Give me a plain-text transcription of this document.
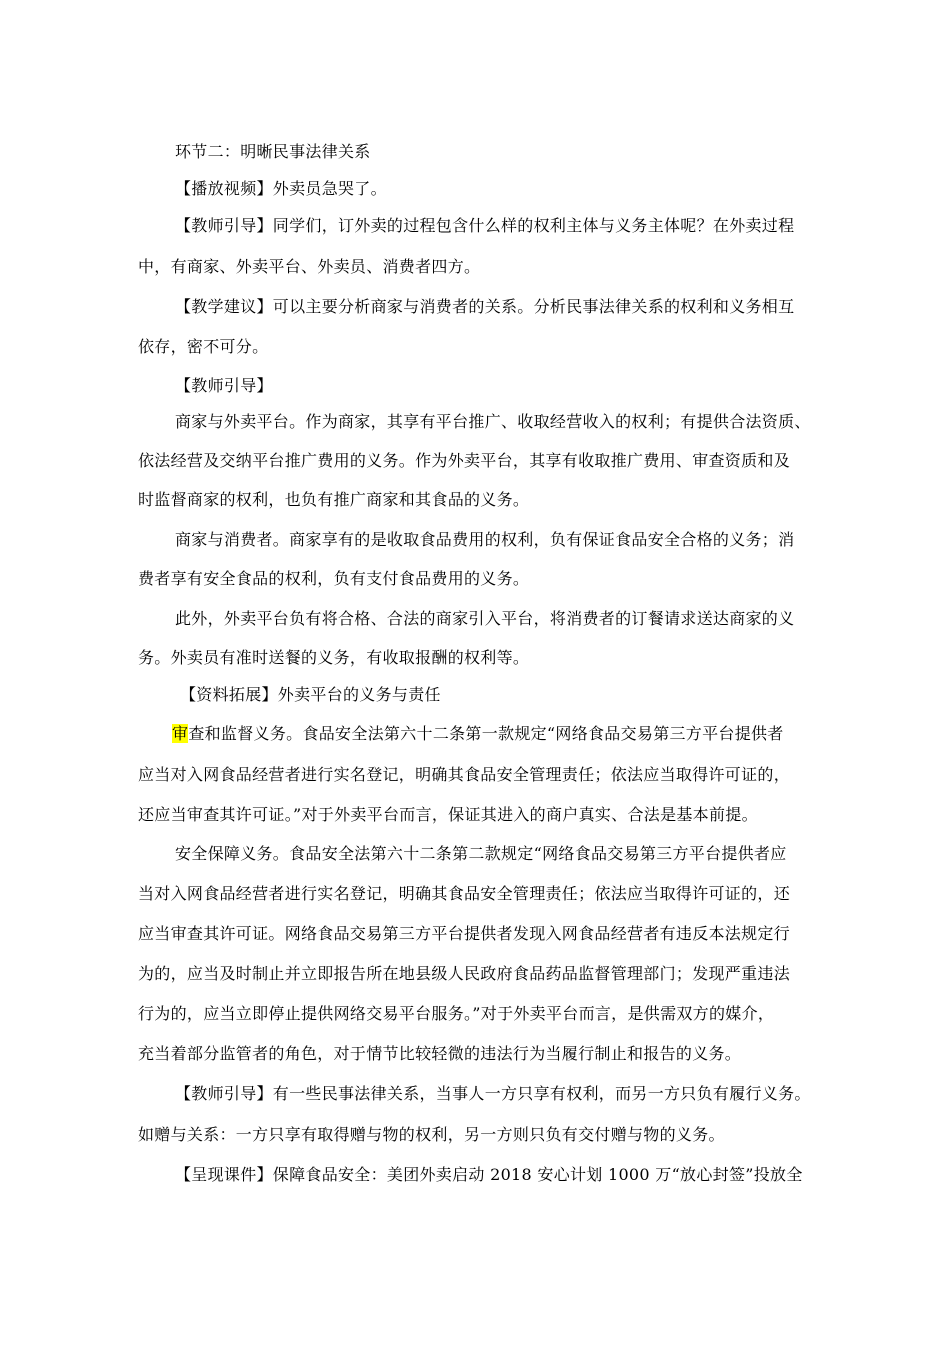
环节二：明晰民事法律关系

【播放视频】外卖员急哭了。

【教师引导】同学们，订外卖的过程包含什么样的权利主体与义务主体呢？在外卖过程

中，有商家、外卖平台、外卖员、消费者四方。

【教学建议】可以主要分析商家与消费者的关系。分析民事法律关系的权利和义务相互

依存，密不可分。

【教师引导】

商家与外卖平台。作为商家，其享有平台推广、收取经营收入的权利；有提供合法资质、

依法经营及交纳平台推广费用的义务。作为外卖平台，其享有收取推广费用、审查资质和及

时监督商家的权利，也负有推广商家和其食品的义务。

商家与消费者。商家享有的是收取食品费用的权利，负有保证食品安全合格的义务；消

费者享有安全食品的权利，负有支付食品费用的义务。

此外，外卖平台负有将合格、合法的商家引入平台，将消费者的订餐请求送达商家的义

务。外卖员有准时送餐的义务，有收取报酬的权利等。

【资料拓展】外卖平台的义务与责任

审查和监督义务。食品安全法第六十二条第一款规定“网络食品交易第三方平台提供者

应当对入网食品经营者进行实名登记，明确其食品安全管理责任；依法应当取得许可证的，

还应当审查其许可证。”对于外卖平台而言，保证其进入的商户真实、合法是基本前提。

安全保障义务。食品安全法第六十二条第二款规定“网络食品交易第三方平台提供者应

当对入网食品经营者进行实名登记，明确其食品安全管理责任；依法应当取得许可证的，还

应当审查其许可证。网络食品交易第三方平台提供者发现入网食品经营者有违反本法规定行

为的，应当及时制止并立即报告所在地县级人民政府食品药品监督管理部门；发现严重违法

行为的，应当立即停止提供网络交易平台服务。”对于外卖平台而言，是供需双方的媒介，

充当着部分监管者的角色，对于情节比较轻微的违法行为当履行制止和报告的义务。

【教师引导】有一些民事法律关系，当事人一方只享有权利，而另一方只负有履行义务。

如赠与关系：一方只享有取得赠与物的权利，另一方则只负有交付赠与物的义务。

【呈现课件】保障食品安全：美团外卖启动 2018 安心计划 1000 万“放心封签”投放全
